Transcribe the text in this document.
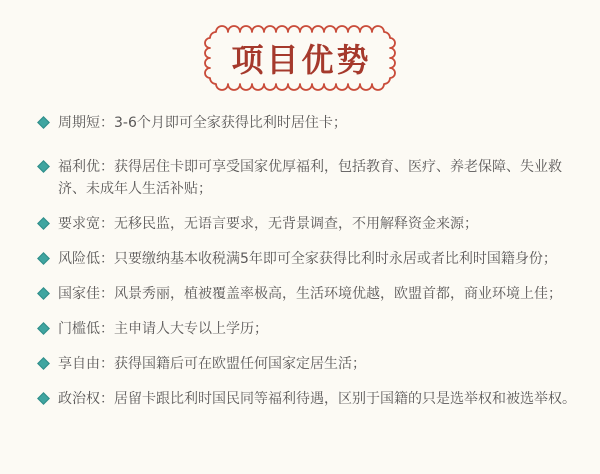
项目优势
周期短：3-6个月即可全家获得比利时居住卡；
福利优：获得居住卡即可享受国家优厚福利，包括教育、医疗、养老保障、失业救济、未成年人生活补贴；
要求宽：无移民监，无语言要求，无背景调查，不用解释资金来源；
风险低：只要缴纳基本收税满5年即可全家获得比利时永居或者比利时国籍身份；
国家佳：风景秀丽，植被覆盖率极高，生活环境优越，欧盟首都，商业环境上佳；
门槛低：主申请人大专以上学历；
享自由：获得国籍后可在欧盟任何国家定居生活；
政治权：居留卡跟比利时国民同等福利待遇，区别于国籍的只是选举权和被选举权。
